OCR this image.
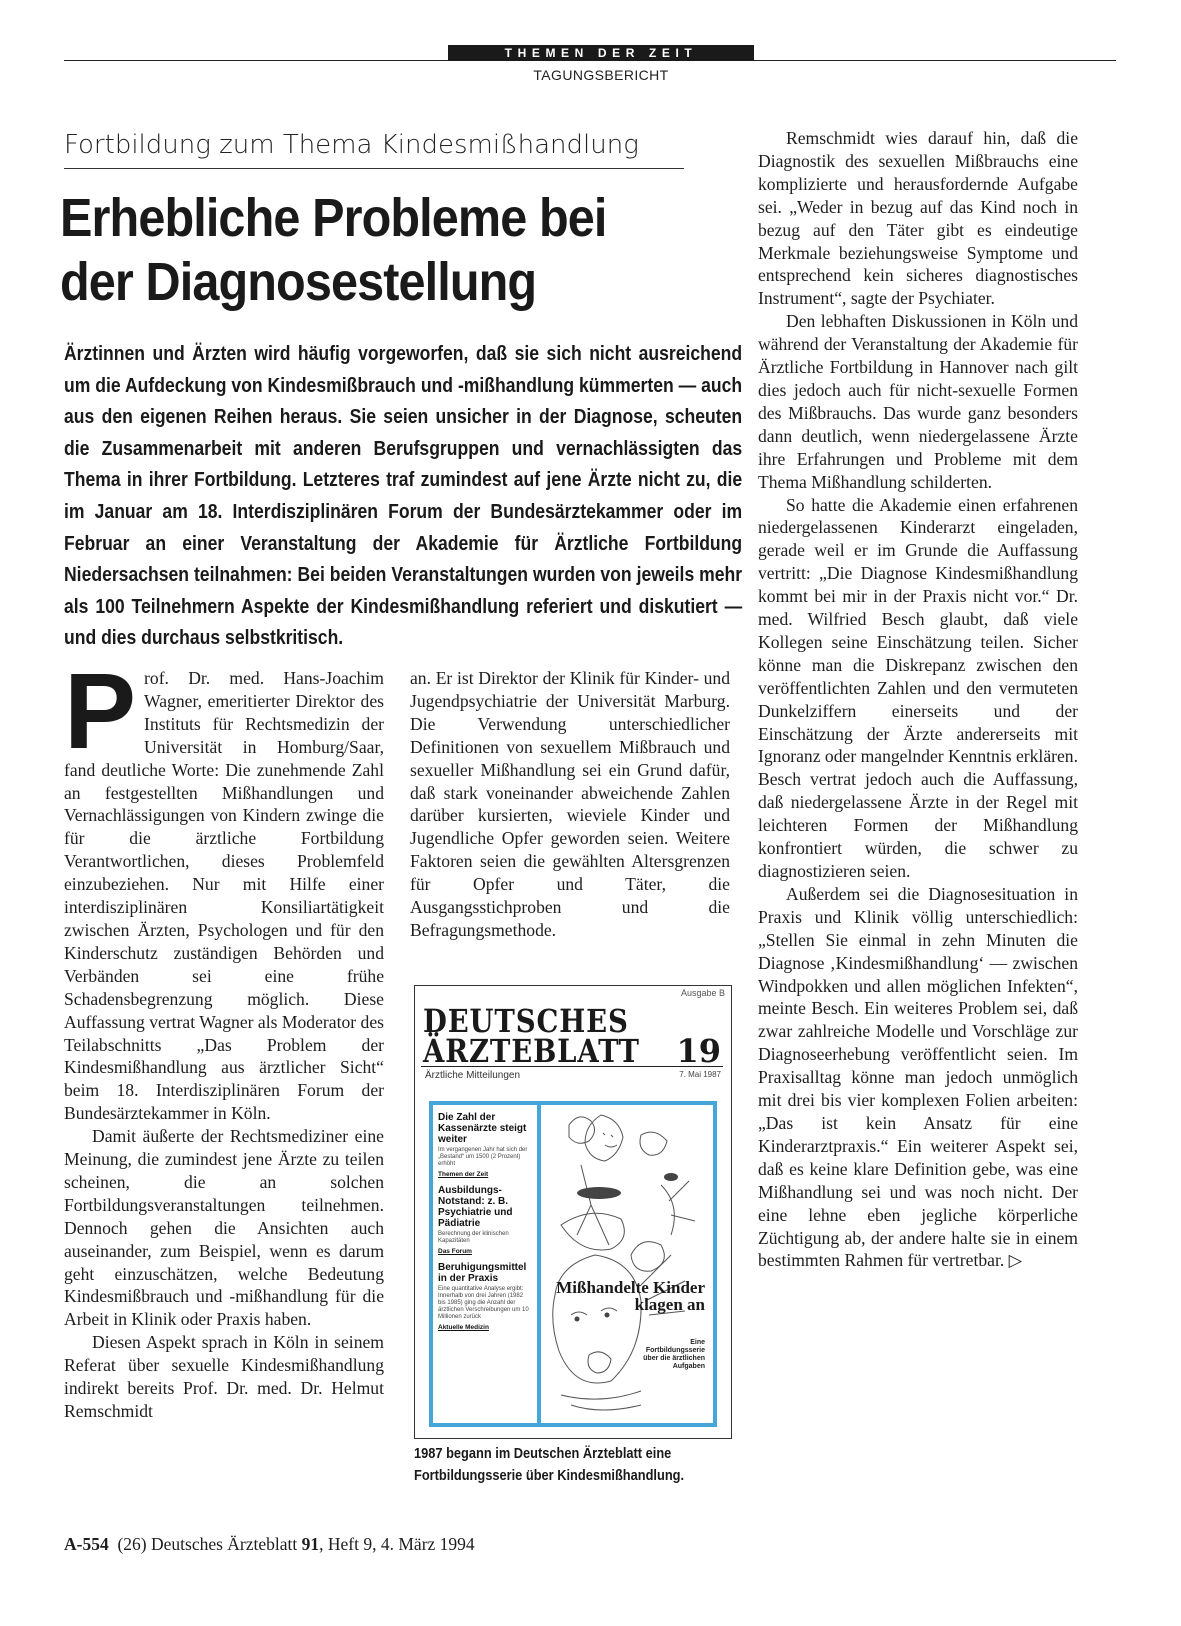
THEMEN DER ZEIT
TAGUNGSBERICHT
Fortbildung zum Thema Kindesmißhandlung
Erhebliche Probleme bei
der Diagnosestellung

Ärztinnen und Ärzten wird häufig vorgeworfen, daß sie sich nicht ausreichend um die Aufdeckung von Kindesmißbrauch und -mißhandlung kümmerten — auch aus den eigenen Reihen heraus. Sie seien unsicher in der Diagnose, scheuten die Zusammenarbeit mit anderen Berufsgruppen und vernachlässigten das Thema in ihrer Fortbildung. Letzteres traf zumindest auf jene Ärzte nicht zu, die im Januar am 18. Interdisziplinären Forum der Bundesärztekammer oder im Februar an einer Veranstaltung der Akademie für Ärztliche Fortbildung Niedersachsen teilnahmen: Bei beiden Veranstaltungen wurden von jeweils mehr als 100 Teilnehmern Aspekte der Kindesmißhandlung referiert und diskutiert — und dies durchaus selbstkritisch.

Prof. Dr. med. Hans-Joachim Wagner, emeritierter Direktor des Instituts für Rechtsmedizin der Universität in Homburg/Saar, fand deutliche Worte: Die zunehmende Zahl an festgestellten Mißhandlungen und Vernachlässigungen von Kindern zwinge die für die ärztliche Fortbildung Verantwortlichen, dieses Problemfeld einzubeziehen. Nur mit Hilfe einer interdisziplinären Konsiliartätigkeit zwischen Ärzten, Psychologen und für den Kinderschutz zuständigen Behörden und Verbänden sei eine frühe Schadensbegrenzung möglich. Diese Auffassung vertrat Wagner als Moderator des Teilabschnitts „Das Problem der Kindesmißhandlung aus ärztlicher Sicht“ beim 18. Interdisziplinären Forum der Bundesärztekammer in Köln.

Damit äußerte der Rechtsmediziner eine Meinung, die zumindest jene Ärzte zu teilen scheinen, die an solchen Fortbildungsveranstaltungen teilnehmen. Dennoch gehen die Ansichten auch auseinander, zum Beispiel, wenn es darum geht einzuschätzen, welche Bedeutung Kindesmißbrauch und -mißhandlung für die Arbeit in Klinik oder Praxis haben.

Diesen Aspekt sprach in Köln in seinem Referat über sexuelle Kindesmißhandlung indirekt bereits Prof. Dr. med. Dr. Helmut Remschmidt

an. Er ist Direktor der Klinik für Kinder- und Jugendpsychiatrie der Universität Marburg. Die Verwendung unterschiedlicher Definitionen von sexuellem Mißbrauch und sexueller Mißhandlung sei ein Grund dafür, daß stark voneinander abweichende Zahlen darüber kursierten, wieviele Kinder und Jugendliche Opfer geworden seien. Weitere Faktoren seien die gewählten Altersgrenzen für Opfer und Täter, die Ausgangsstichproben und die Befragungsmethode.

Remschmidt wies darauf hin, daß die Diagnostik des sexuellen Mißbrauchs eine komplizierte und herausfordernde Aufgabe sei. „Weder in bezug auf das Kind noch in bezug auf den Täter gibt es eindeutige Merkmale beziehungsweise Symptome und entsprechend kein sicheres diagnostisches Instrument“, sagte der Psychiater.

Den lebhaften Diskussionen in Köln und während der Veranstaltung der Akademie für Ärztliche Fortbildung in Hannover nach gilt dies jedoch auch für nicht-sexuelle Formen des Mißbrauchs. Das wurde ganz besonders dann deutlich, wenn niedergelassene Ärzte ihre Erfahrungen und Probleme mit dem Thema Mißhandlung schilderten.

So hatte die Akademie einen erfahrenen niedergelassenen Kinderarzt eingeladen, gerade weil er im Grunde die Auffassung vertritt: „Die Diagnose Kindesmißhandlung kommt bei mir in der Praxis nicht vor.“ Dr. med. Wilfried Besch glaubt, daß viele Kollegen seine Einschätzung teilen. Sicher könne man die Diskrepanz zwischen den veröffentlichten Zahlen und den vermuteten Dunkelziffern einerseits und der Einschätzung der Ärzte andererseits mit Ignoranz oder mangelnder Kenntnis erklären. Besch vertrat jedoch auch die Auffassung, daß niedergelassene Ärzte in der Regel mit leichteren Formen der Mißhandlung konfrontiert würden, die schwer zu diagnostizieren seien.

Außerdem sei die Diagnosesituation in Praxis und Klinik völlig unterschiedlich: „Stellen Sie einmal in zehn Minuten die Diagnose ‚Kindesmißhandlung‘ — zwischen Windpokken und allen möglichen Infekten“, meinte Besch. Ein weiteres Problem sei, daß zwar zahlreiche Modelle und Vorschläge zur Diagnoseerhebung veröffentlicht seien. Im Praxisalltag könne man jedoch unmöglich mit drei bis vier komplexen Folien arbeiten: „Das ist kein Ansatz für eine Kinderarztpraxis.“ Ein weiterer Aspekt sei, daß es keine klare Definition gebe, was eine Mißhandlung sei und was noch nicht. Der eine lehne eben jegliche körperliche Züchtigung ab, der andere halte sie in einem bestimmten Rahmen für vertretbar. ▷

Ausgabe B
DEUTSCHES
ÄRZTEBLATT 19
Ärztliche Mitteilungen	7. Mai 1987
Die Zahl der Kassenärzte steigt weiter
Im vergangenen Jahr hat sich der „Bestand“ um 1500 (2 Prozent) erhöht
Themen der Zeit
Ausbildungs-Notstand: z. B. Psychiatrie und Pädiatrie
Berechnung der klinischen Kapazitäten
Das Forum
Beruhigungsmittel in der Praxis
Eine quantitative Analyse ergibt: Innerhalb von drei Jahren (1982 bis 1985) ging die Anzahl der ärztlichen Verschreibungen um 10 Millionen zurück
Aktuelle Medizin
Mißhandelte Kinder klagen an
Eine Fortbildungsserie über die ärztlichen Aufgaben
1987 begann im Deutschen Ärzteblatt eine Fortbildungsserie über Kindesmißhandlung.
A-554 (26) Deutsches Ärzteblatt 91, Heft 9, 4. März 1994
